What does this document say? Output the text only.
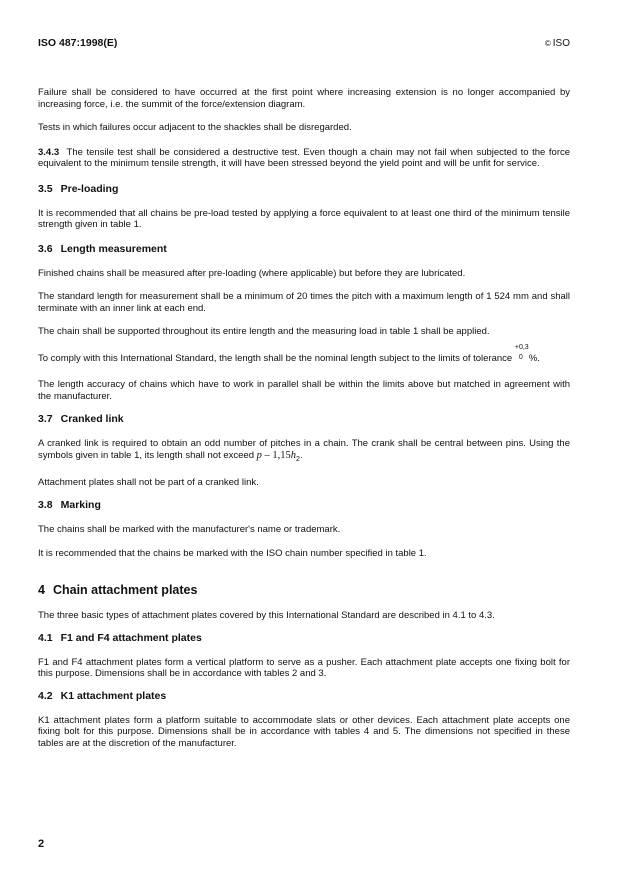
ISO 487:1998(E)	© ISO

Failure shall be considered to have occurred at the first point where increasing extension is no longer accompanied by increasing force, i.e. the summit of the force/extension diagram.

Tests in which failures occur adjacent to the shackles shall be disregarded.

3.4.3 The tensile test shall be considered a destructive test. Even though a chain may not fail when subjected to the force equivalent to the minimum tensile strength, it will have been stressed beyond the yield point and will be unfit for service.

3.5 Pre-loading

It is recommended that all chains be pre-load tested by applying a force equivalent to at least one third of the minimum tensile strength given in table 1.

3.6 Length measurement

Finished chains shall be measured after pre-loading (where applicable) but before they are lubricated.

The standard length for measurement shall be a minimum of 20 times the pitch with a maximum length of 1 524 mm and shall terminate with an inner link at each end.

The chain shall be supported throughout its entire length and the measuring load in table 1 shall be applied.

To comply with this International Standard, the length shall be the nominal length subject to the limits of tolerance
+0,3
0 %.

The length accuracy of chains which have to work in parallel shall be within the limits above but matched in agreement with the manufacturer.

3.7 Cranked link

A cranked link is required to obtain an odd number of pitches in a chain. The crank shall be central between pins. Using the symbols given in table 1, its length shall not exceed p – $1,15h_2$.

Attachment plates shall not be part of a cranked link.

3.8 Marking

The chains shall be marked with the manufacturer's name or trademark.

It is recommended that the chains be marked with the ISO chain number specified in table 1.

4 Chain attachment plates

The three basic types of attachment plates covered by this International Standard are described in 4.1 to 4.3.

4.1 F1 and F4 attachment plates

F1 and F4 attachment plates form a vertical platform to serve as a pusher. Each attachment plate accepts one fixing bolt for this purpose. Dimensions shall be in accordance with tables 2 and 3.

4.2 K1 attachment plates

K1 attachment plates form a platform suitable to accommodate slats or other devices. Each attachment plate accepts one fixing bolt for this purpose. Dimensions shall be in accordance with tables 4 and 5. The dimensions not specified in these tables are at the discretion of the manufacturer.

2
